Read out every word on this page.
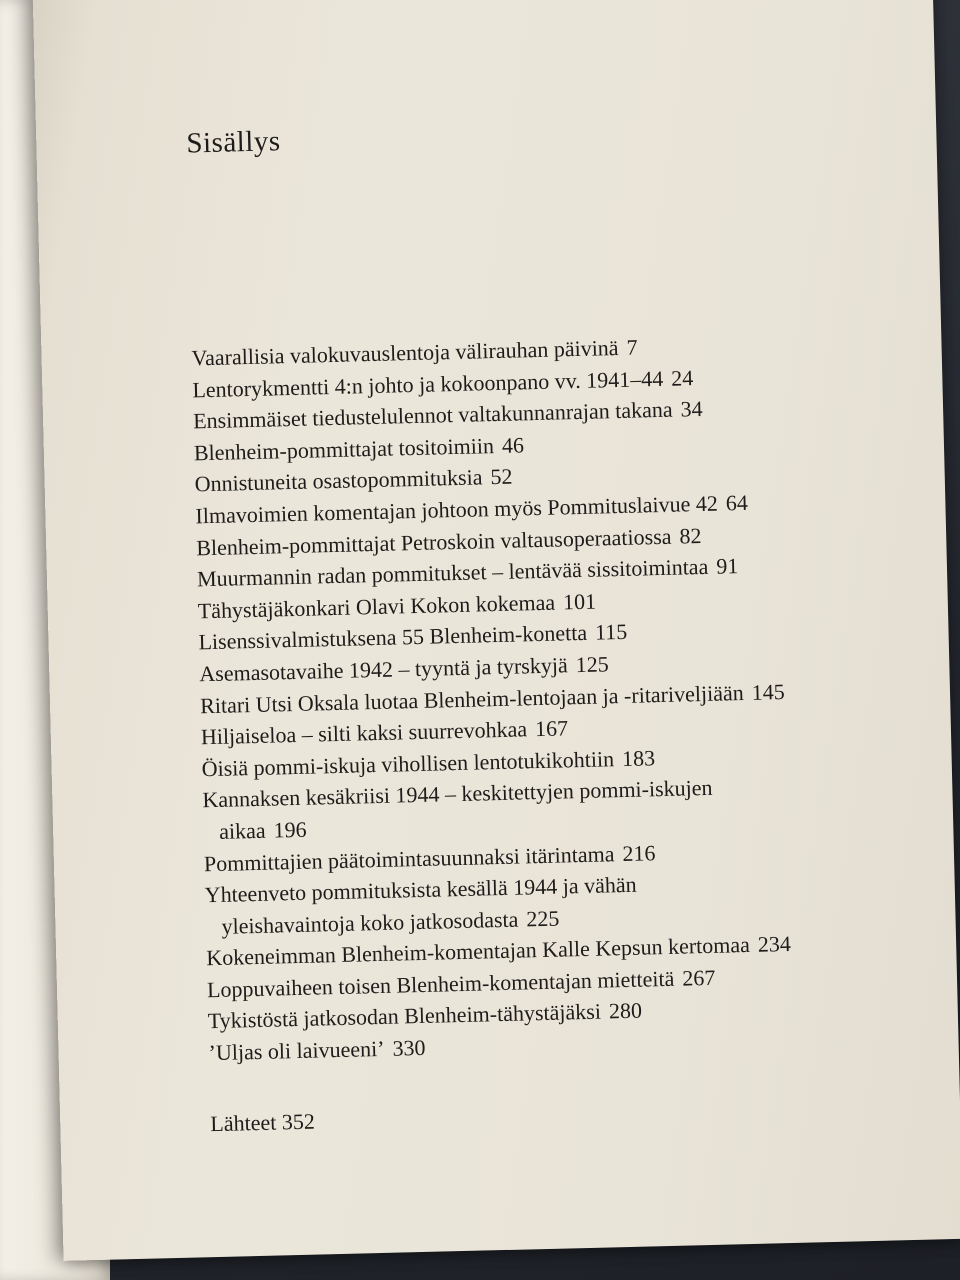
Sisällys
Vaarallisia valokuvauslentoja välirauhan päivinä 7
Lentorykmentti 4:n johto ja kokoonpano vv. 1941–44 24
Ensimmäiset tiedustelulennot valtakunnanrajan takana 34
Blenheim-pommittajat tositoimiin 46
Onnistuneita osastopommituksia 52
Ilmavoimien komentajan johtoon myös Pommituslaivue 42 64
Blenheim-pommittajat Petroskoin valtausoperaatiossa 82
Muurmannin radan pommitukset – lentävää sissitoimintaa 91
Tähystäjäkonkari Olavi Kokon kokemaa 101
Lisenssivalmistuksena 55 Blenheim-konetta 115
Asemasotavaihe 1942 – tyyntä ja tyrskyjä 125
Ritari Utsi Oksala luotaa Blenheim-lentojaan ja -ritariveljiään 145
Hiljaiseloa – silti kaksi suurrevohkaa 167
Öisiä pommi-iskuja vihollisen lentotukikohtiin 183
Kannaksen kesäkriisi 1944 – keskitettyjen pommi-iskujen
aikaa 196
Pommittajien päätoimintasuunnaksi itärintama 216
Yhteenveto pommituksista kesällä 1944 ja vähän
yleishavaintoja koko jatkosodasta 225
Kokeneimman Blenheim-komentajan Kalle Kepsun kertomaa 234
Loppuvaiheen toisen Blenheim-komentajan mietteitä 267
Tykistöstä jatkosodan Blenheim-tähystäjäksi 280
’Uljas oli laivueeni’ 330
Lähteet 352
